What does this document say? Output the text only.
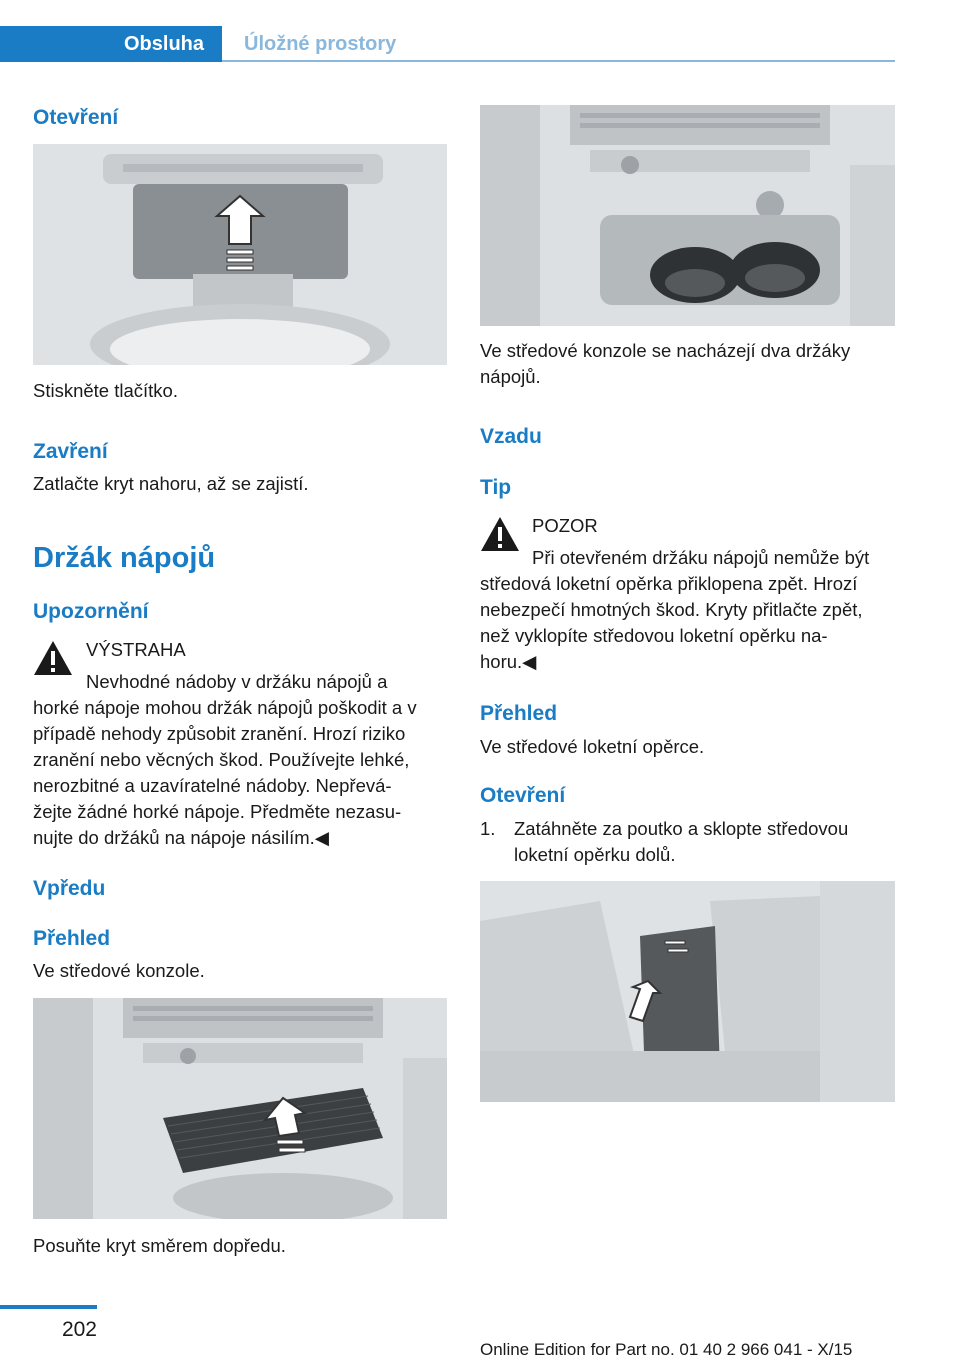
Obsluha	Úložné prostory
Otevření
Stiskněte tlačítko.
Zavření
Zatlačte kryt nahoru, až se zajistí.
Držák nápojů
Upozornění
VÝSTRAHA
Nevhodné nádoby v držáku nápojů a
horké nápoje mohou držák nápojů poškodit a v
případě nehody způsobit zranění. Hrozí riziko
zranění nebo věcných škod. Používejte lehké,
nerozbitné a uzavíratelné nádoby. Nepřevá‐
žejte žádné horké nápoje. Předměte nezasu‐
nujte do držáků na nápoje násilím.◀
Vpředu
Přehled
Ve středové konzole.
Posuňte kryt směrem dopředu.
Ve středové konzole se nacházejí dva držáky
nápojů.
Vzadu
Tip
POZOR
Při otevřeném držáku nápojů nemůže být
středová loketní opěrka přiklopena zpět. Hrozí
nebezpečí hmotných škod. Kryty přitlačte zpět,
než vyklopíte středovou loketní opěrku na‐
horu.◀
Přehled
Ve středové loketní opěrce.
Otevření
1. Zatáhněte za poutko a sklopte středovou
loketní opěrku dolů.
202
Online Edition for Part no. 01 40 2 966 041 - X/15
